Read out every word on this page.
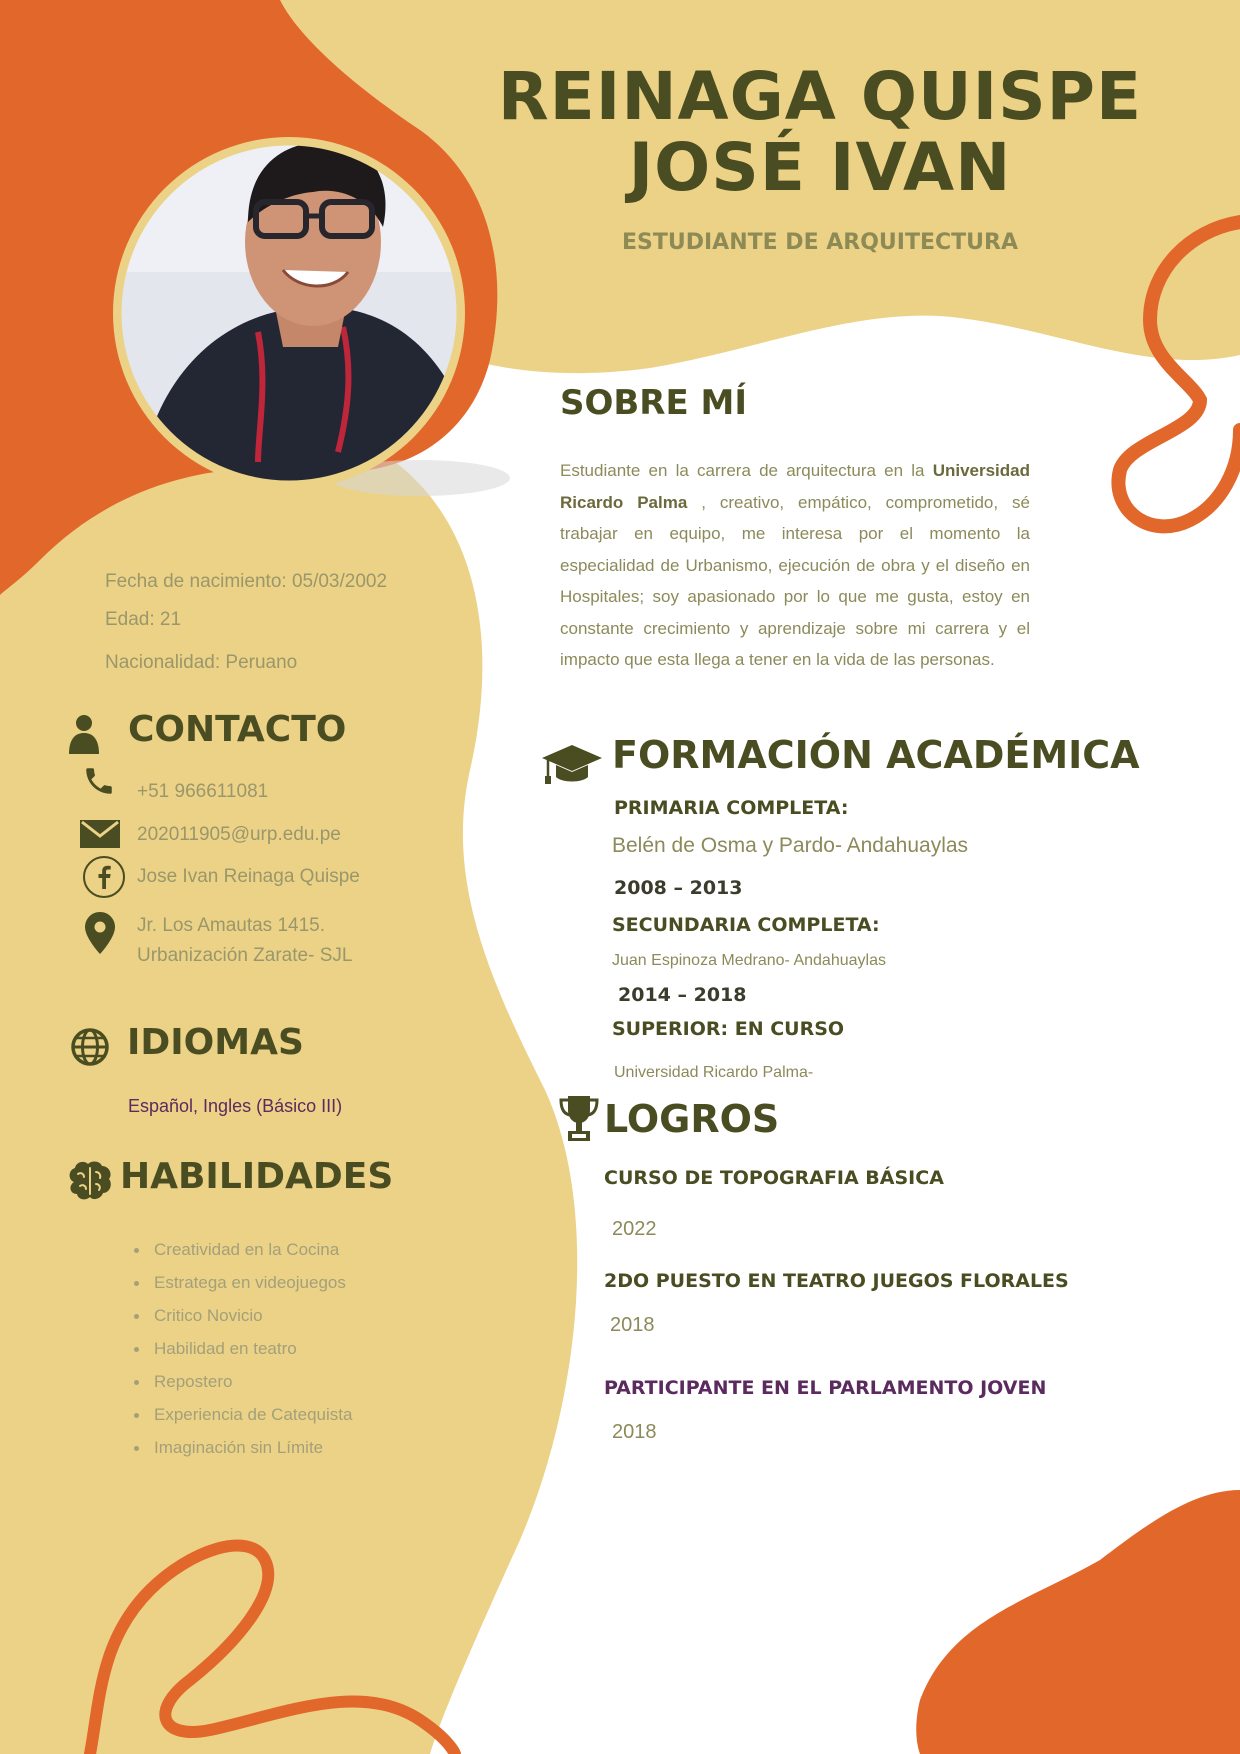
REINAGA QUISPE
JOSÉ IVAN
ESTUDIANTE DE ARQUITECTURA
SOBRE MÍ

Estudiante en la carrera de arquitectura en la Universidad Ricardo Palma , creativo, empático, comprometido, sé trabajar en equipo, me interesa por el momento la especialidad de Urbanismo, ejecución de obra y el diseño en Hospitales; soy apasionado por lo que me gusta, estoy en constante crecimiento y aprendizaje sobre mi carrera y el impacto que esta llega a tener en la vida de las personas.

Fecha de nacimiento: 05/03/2002
Edad: 21
Nacionalidad: Peruano
CONTACTO
+51 966611081
202011905@urp.edu.pe
Jose Ivan Reinaga Quispe
Jr. Los Amautas 1415.
Urbanización Zarate- SJL
IDIOMAS
Español, Ingles (Básico III)
HABILIDADES
Creatividad en la Cocina
Estratega en videojuegos
Critico Novicio
Habilidad en teatro
Repostero
Experiencia de Catequista
Imaginación sin Límite
FORMACIÓN ACADÉMICA
PRIMARIA COMPLETA:
Belén de Osma y Pardo- Andahuaylas
2008 – 2013
SECUNDARIA COMPLETA:
Juan Espinoza Medrano- Andahuaylas
2014 – 2018
SUPERIOR: EN CURSO
Universidad Ricardo Palma-
LOGROS
CURSO DE TOPOGRAFIA BÁSICA
2022
2DO PUESTO EN TEATRO JUEGOS FLORALES
2018
PARTICIPANTE EN EL PARLAMENTO JOVEN
2018
